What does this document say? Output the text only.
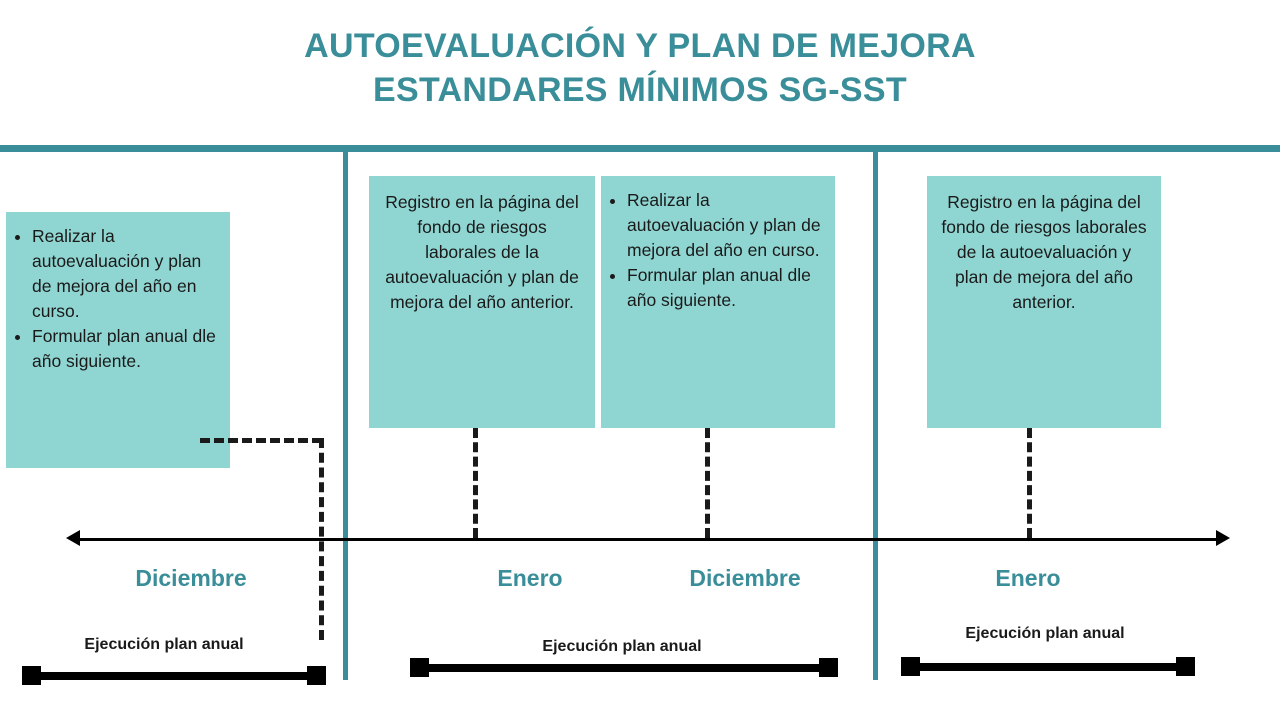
AUTOEVALUACIÓN Y PLAN DE MEJORA
ESTANDARES MÍNIMOS SG-SST
• Realizar la autoevaluación y plan de mejora del año en curso.
• Formular plan anual dle año siguiente.
Registro en la página del fondo de riesgos laborales de la autoevaluación y plan de mejora del año anterior.
• Realizar la autoevaluación y plan de mejora del año en curso.
• Formular plan anual dle año siguiente.
Registro en la página del fondo de riesgos laborales de la autoevaluación y plan de mejora del año anterior.
Diciembre	Enero	Diciembre	Enero
Ejecución plan anual	Ejecución plan anual
Ejecución plan anual
